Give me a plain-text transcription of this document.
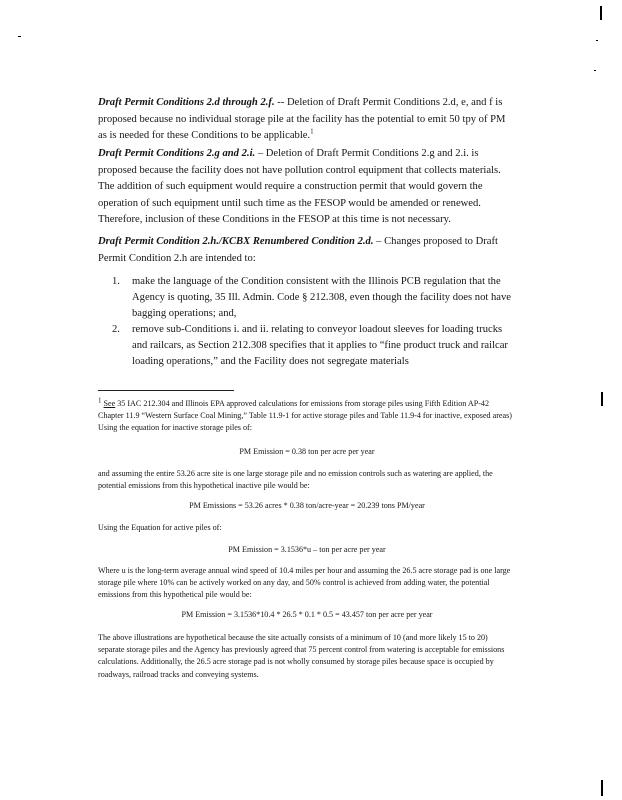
Draft Permit Conditions 2.d through 2.f. -- Deletion of Draft Permit Conditions 2.d, e, and f is proposed because no individual storage pile at the facility has the potential to emit 50 tpy of PM as is needed for these Conditions to be applicable.$^1$

Draft Permit Conditions 2.g and 2.i. – Deletion of Draft Permit Conditions 2.g and 2.i. is proposed because the facility does not have pollution control equipment that collects materials. The addition of such equipment would require a construction permit that would govern the operation of such equipment until such time as the FESOP would be amended or renewed. Therefore, inclusion of these Conditions in the FESOP at this time is not necessary.

Draft Permit Condition 2.h./KCBX Renumbered Condition 2.d. – Changes proposed to Draft Permit Condition 2.h are intended to:

1. make the language of the Condition consistent with the Illinois PCB regulation that the Agency is quoting, 35 Ill. Admin. Code § 212.308, even though the facility does not have bagging operations; and,
2. remove sub-Conditions i. and ii. relating to conveyor loadout sleeves for loading trucks and railcars, as Section 212.308 specifies that it applies to “fine product truck and railcar loading operations,” and the Facility does not segregate materials

$^1$ See 35 IAC 212.304 and Illinois EPA approved calculations for emissions from storage piles using Fifth Edition AP-42 Chapter 11.9 “Western Surface Coal Mining,” Table 11.9-1 for active storage piles and Table 11.9-4 for inactive, exposed areas) Using the equation for inactive storage piles of:

PM Emission = 0.38 ton per acre per year

and assuming the entire 53.26 acre site is one large storage pile and no emission controls such as watering are applied, the potential emissions from this hypothetical inactive pile would be:

PM Emissions = 53.26 acres * 0.38 ton/acre-year = 20.239 tons PM/year

Using the Equation for active piles of:

PM Emission = 3.1536*u – ton per acre per year

Where u is the long-term average annual wind speed of 10.4 miles per hour and assuming the 26.5 acre storage pad is one large storage pile where 10% can be actively worked on any day, and 50% control is achieved from adding water, the potential emissions from this hypothetical pile would be:

PM Emission = 3.1536*10.4 * 26.5 * 0.1 * 0.5 = 43.457 ton per acre per year

The above illustrations are hypothetical because the site actually consists of a minimum of 10 (and more likely 15 to 20) separate storage piles and the Agency has previously agreed that 75 percent control from watering is acceptable for emissions calculations. Additionally, the 26.5 acre storage pad is not wholly consumed by storage piles because space is occupied by roadways, railroad tracks and conveying systems.
